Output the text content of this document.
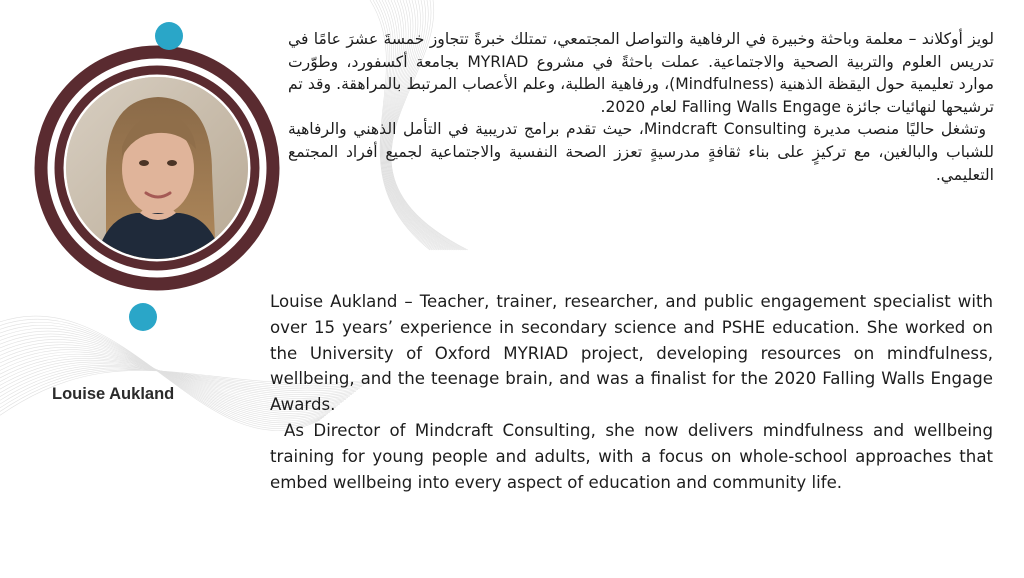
Louise Aukland

لويز أوكلاند – معلمة وباحثة وخبيرة في الرفاهية والتواصل المجتمعي، تمتلك خبرةً تتجاوز خمسةَ عشرَ عامًا في تدريس العلوم والتربية الصحية والاجتماعية. عملت باحثةً في مشروع MYRIAD بجامعة أكسفورد، وطوّرت موارد تعليمية حول اليقظة الذهنية (Mindfulness)، ورفاهية الطلبة، وعلم الأعصاب المرتبط بالمراهقة. وقد تم ترشيحها لنهائيات جائزة Falling Walls Engage لعام 2020.

وتشغل حاليًا منصب مديرة Mindcraft Consulting، حيث تقدم برامج تدريبية في التأمل الذهني والرفاهية للشباب والبالغين، مع تركيزٍ على بناء ثقافةٍ مدرسيةٍ تعزز الصحة النفسية والاجتماعية لجميع أفراد المجتمع التعليمي.

Louise Aukland – Teacher, trainer, researcher, and public engagement specialist with over 15 years’ experience in secondary science and PSHE education. She worked on the University of Oxford MYRIAD project, developing resources on mindfulness, wellbeing, and the teenage brain, and was a finalist for the 2020 Falling Walls Engage Awards.

As Director of Mindcraft Consulting, she now delivers mindfulness and wellbeing training for young people and adults, with a focus on whole-school approaches that embed wellbeing into every aspect of education and community life.
